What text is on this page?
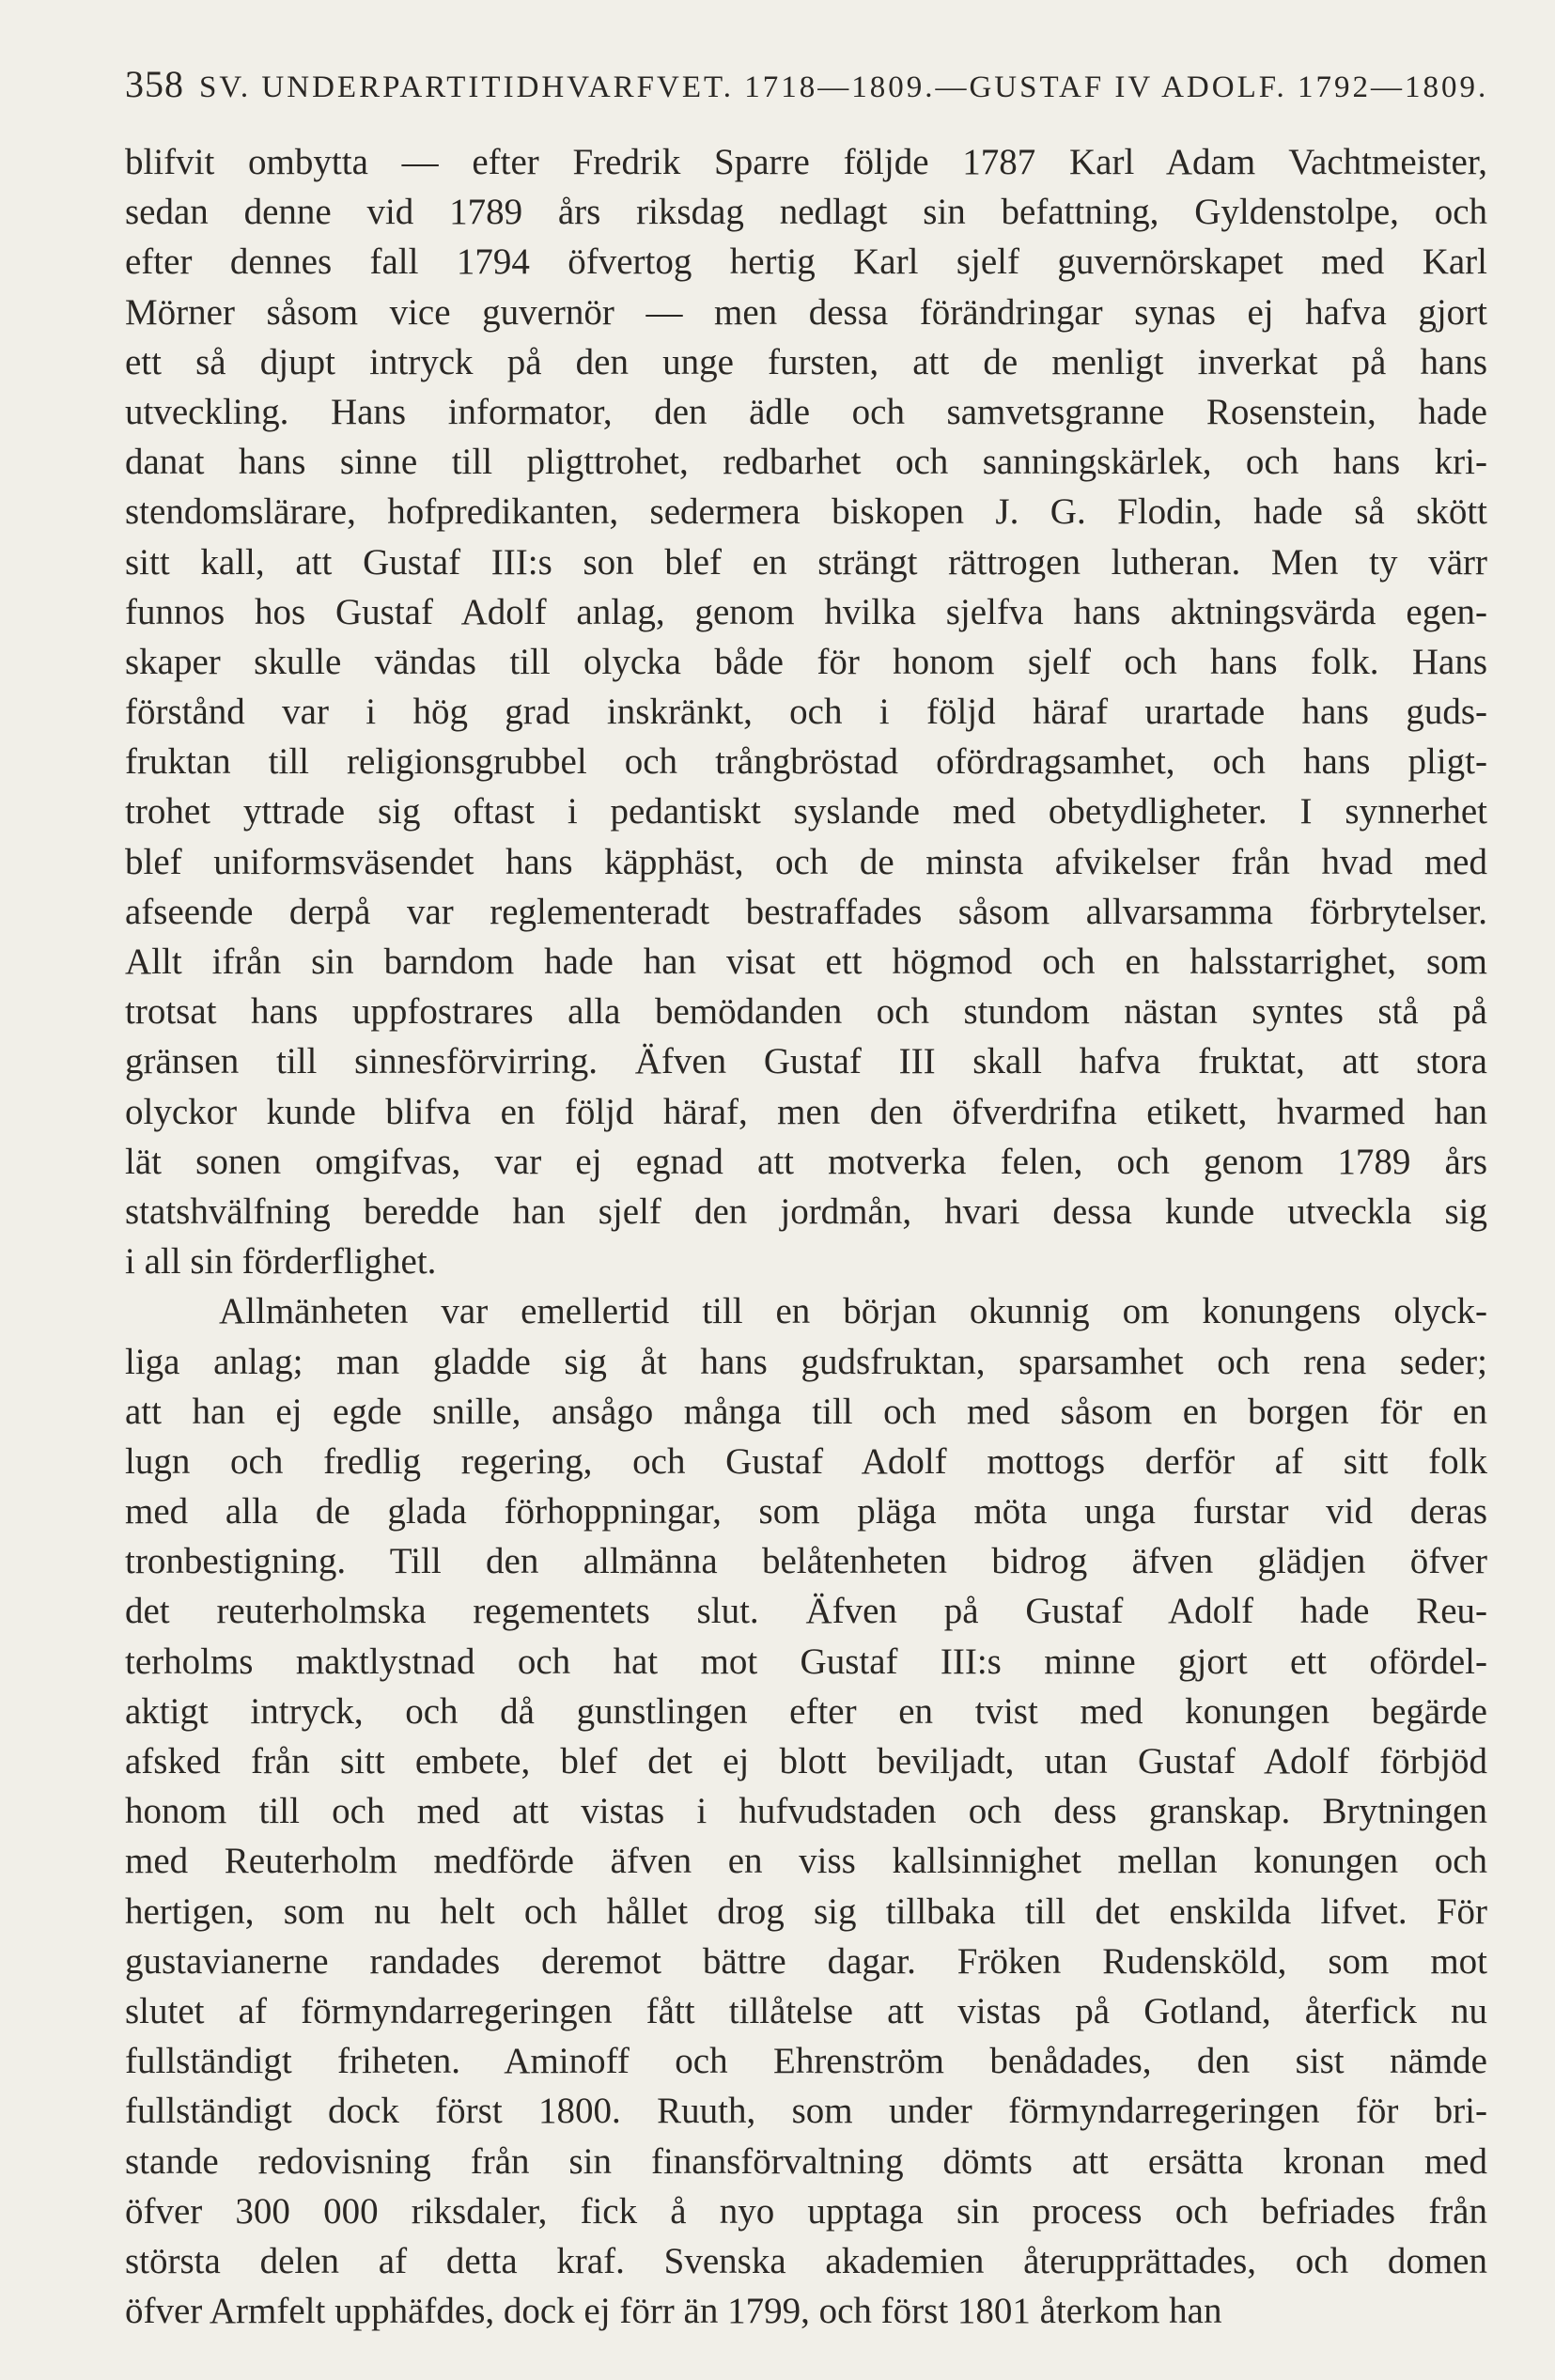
358 SV. UNDERPARTITIDHVARFVET. 1718—1809.—GUSTAF IV ADOLF. 1792—1809.
blifvit ombytta — efter Fredrik Sparre följde 1787 Karl Adam Vachtmeister,
sedan denne vid 1789 års riksdag nedlagt sin befattning, Gyldenstolpe, och
efter dennes fall 1794 öfvertog hertig Karl sjelf guvernörskapet med Karl
Mörner såsom vice guvernör — men dessa förändringar synas ej hafva gjort
ett så djupt intryck på den unge fursten, att de menligt inverkat på hans
utveckling. Hans informator, den ädle och samvetsgranne Rosenstein, hade
danat hans sinne till pligttrohet, redbarhet och sanningskärlek, och hans kri-
stendomslärare, hofpredikanten, sedermera biskopen J. G. Flodin, hade så skött
sitt kall, att Gustaf III:s son blef en strängt rättrogen lutheran. Men ty värr
funnos hos Gustaf Adolf anlag, genom hvilka sjelfva hans aktningsvärda egen-
skaper skulle vändas till olycka både för honom sjelf och hans folk. Hans
förstånd var i hög grad inskränkt, och i följd häraf urartade hans guds-
fruktan till religionsgrubbel och trångbröstad ofördragsamhet, och hans pligt-
trohet yttrade sig oftast i pedantiskt syslande med obetydligheter. I synnerhet
blef uniformsväsendet hans käpphäst, och de minsta afvikelser från hvad med
afseende derpå var reglementeradt bestraffades såsom allvarsamma förbrytelser.
Allt ifrån sin barndom hade han visat ett högmod och en halsstarrighet, som
trotsat hans uppfostrares alla bemödanden och stundom nästan syntes stå på
gränsen till sinnesförvirring. Äfven Gustaf III skall hafva fruktat, att stora
olyckor kunde blifva en följd häraf, men den öfverdrifna etikett, hvarmed han
lät sonen omgifvas, var ej egnad att motverka felen, och genom 1789 års
statshvälfning beredde han sjelf den jordmån, hvari dessa kunde utveckla sig
i all sin förderflighet.
Allmänheten var emellertid till en början okunnig om konungens olyck-
liga anlag; man gladde sig åt hans gudsfruktan, sparsamhet och rena seder;
att han ej egde snille, ansågo många till och med såsom en borgen för en
lugn och fredlig regering, och Gustaf Adolf mottogs derför af sitt folk
med alla de glada förhoppningar, som pläga möta unga furstar vid deras
tronbestigning. Till den allmänna belåtenheten bidrog äfven glädjen öfver
det reuterholmska regementets slut. Äfven på Gustaf Adolf hade Reu-
terholms maktlystnad och hat mot Gustaf III:s minne gjort ett ofördel-
aktigt intryck, och då gunstlingen efter en tvist med konungen begärde
afsked från sitt embete, blef det ej blott beviljadt, utan Gustaf Adolf förbjöd
honom till och med att vistas i hufvudstaden och dess granskap. Brytningen
med Reuterholm medförde äfven en viss kallsinnighet mellan konungen och
hertigen, som nu helt och hållet drog sig tillbaka till det enskilda lifvet. För
gustavianerne randades deremot bättre dagar. Fröken Rudensköld, som mot
slutet af förmyndarregeringen fått tillåtelse att vistas på Gotland, återfick nu
fullständigt friheten. Aminoff och Ehrenström benådades, den sist nämde
fullständigt dock först 1800. Ruuth, som under förmyndarregeringen för bri-
stande redovisning från sin finansförvaltning dömts att ersätta kronan med
öfver 300 000 riksdaler, fick å nyo upptaga sin process och befriades från
största delen af detta kraf. Svenska akademien återupprättades, och domen
öfver Armfelt upphäfdes, dock ej förr än 1799, och först 1801 återkom han
